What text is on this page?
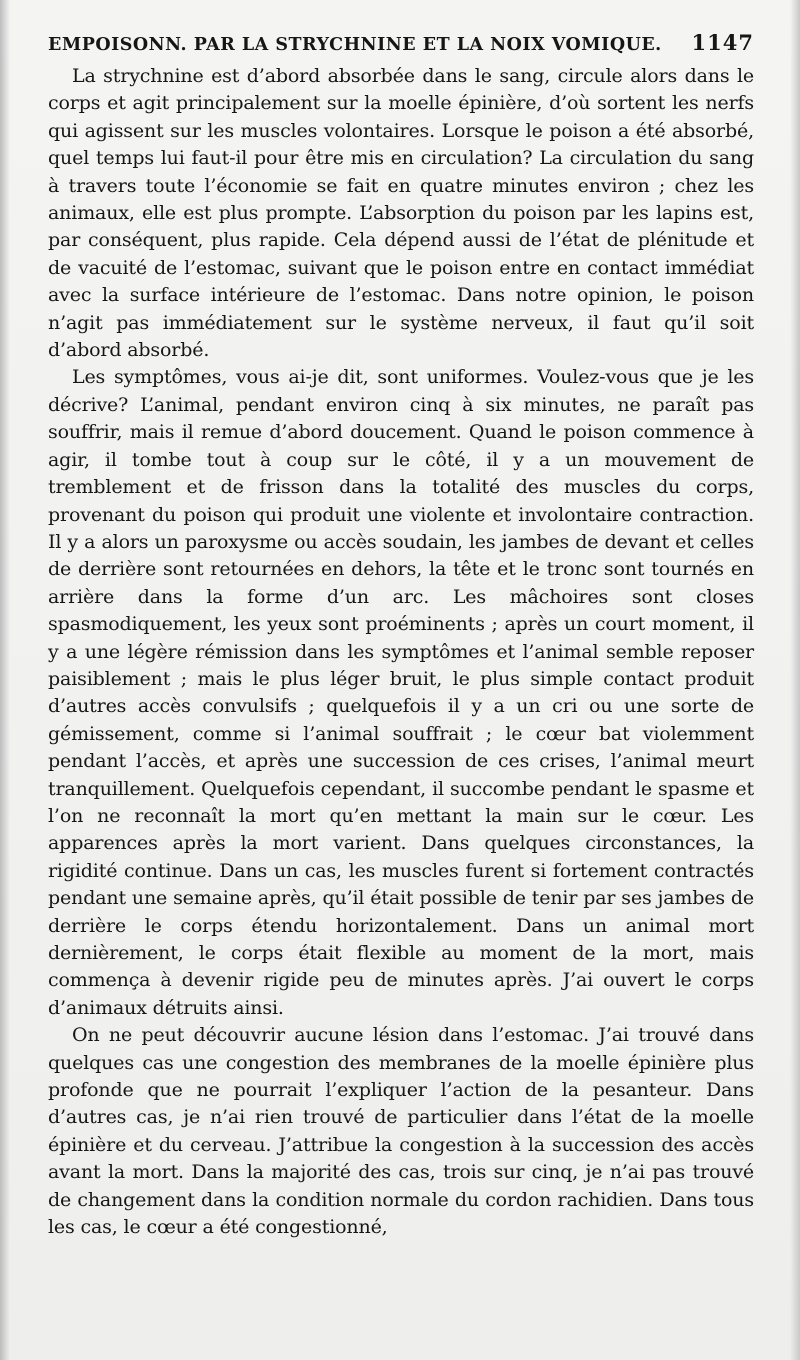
EMPOISONN. PAR LA STRYCHNINE ET LA NOIX VOMIQUE. 1147

La strychnine est d’abord absorbée dans le sang, circule alors dans le corps et agit principalement sur la moelle épinière, d’où sortent les nerfs qui agissent sur les muscles volontaires. Lorsque le poison a été absorbé, quel temps lui faut-il pour être mis en circulation? La circulation du sang à travers toute l’économie se fait en quatre minutes environ ; chez les animaux, elle est plus prompte. L’absorption du poison par les lapins est, par conséquent, plus rapide. Cela dépend aussi de l’état de plénitude et de vacuité de l’estomac, suivant que le poison entre en contact immédiat avec la surface intérieure de l’estomac. Dans notre opinion, le poison n’agit pas immédiatement sur le système nerveux, il faut qu’il soit d’abord absorbé.

Les symptômes, vous ai-je dit, sont uniformes. Voulez-vous que je les décrive? L’animal, pendant environ cinq à six minutes, ne paraît pas souffrir, mais il remue d’abord doucement. Quand le poison commence à agir, il tombe tout à coup sur le côté, il y a un mouvement de tremblement et de frisson dans la totalité des muscles du corps, provenant du poison qui produit une violente et involontaire contraction. Il y a alors un paroxysme ou accès soudain, les jambes de devant et celles de derrière sont retournées en dehors, la tête et le tronc sont tournés en arrière dans la forme d’un arc. Les mâchoires sont closes spasmodiquement, les yeux sont proéminents ; après un court moment, il y a une légère rémission dans les symptômes et l’animal semble reposer paisiblement ; mais le plus léger bruit, le plus simple contact produit d’autres accès convulsifs ; quelquefois il y a un cri ou une sorte de gémissement, comme si l’animal souffrait ; le cœur bat violemment pendant l’accès, et après une succession de ces crises, l’animal meurt tranquillement. Quelquefois cependant, il succombe pendant le spasme et l’on ne reconnaît la mort qu’en mettant la main sur le cœur. Les apparences après la mort varient. Dans quelques circonstances, la rigidité continue. Dans un cas, les muscles furent si fortement contractés pendant une semaine après, qu’il était possible de tenir par ses jambes de derrière le corps étendu horizontalement. Dans un animal mort dernièrement, le corps était flexible au moment de la mort, mais commença à devenir rigide peu de minutes après. J’ai ouvert le corps d’animaux détruits ainsi.

On ne peut découvrir aucune lésion dans l’estomac. J’ai trouvé dans quelques cas une congestion des membranes de la moelle épinière plus profonde que ne pourrait l’expliquer l’action de la pesanteur. Dans d’autres cas, je n’ai rien trouvé de particulier dans l’état de la moelle épinière et du cerveau. J’attribue la congestion à la succession des accès avant la mort. Dans la majorité des cas, trois sur cinq, je n’ai pas trouvé de changement dans la condition normale du cordon rachidien. Dans tous les cas, le cœur a été congestionné,
